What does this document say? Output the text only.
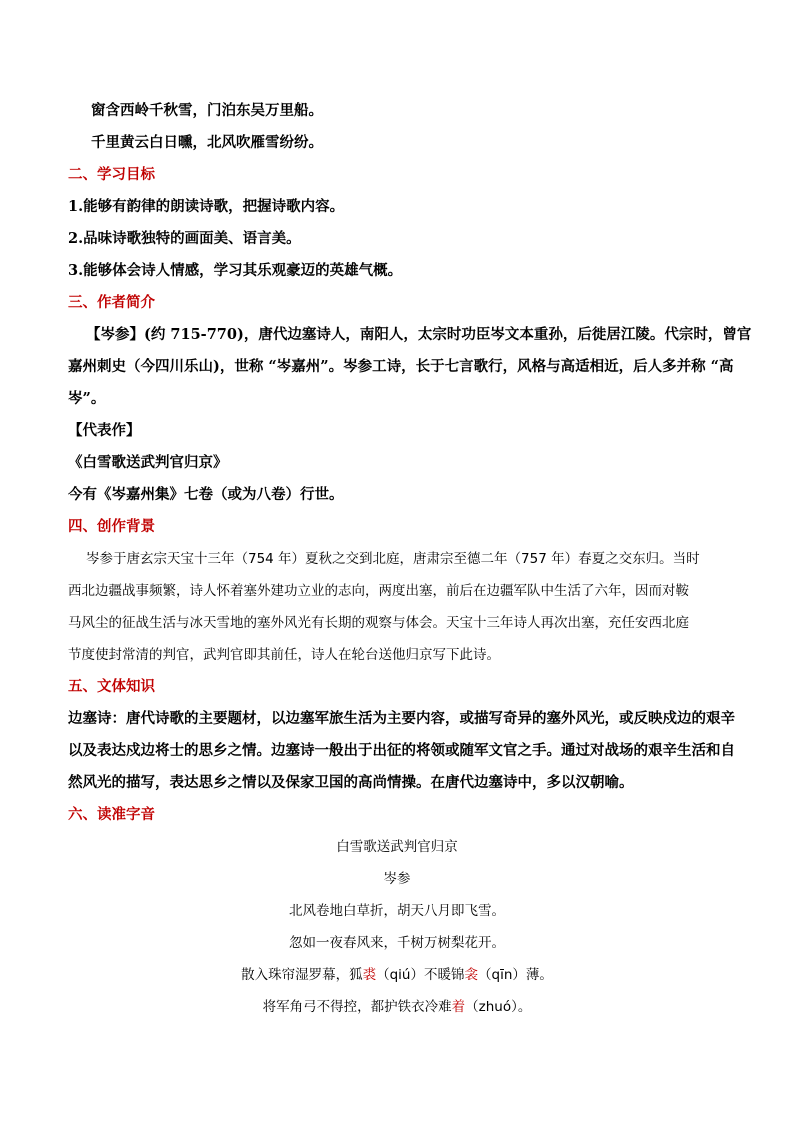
窗含西岭千秋雪，门泊东吴万里船。
千里黄云白日曛，北风吹雁雪纷纷。
二、学习目标
1.能够有韵律的朗读诗歌，把握诗歌内容。
2.品味诗歌独特的画面美、语言美。
3.能够体会诗人情感，学习其乐观豪迈的英雄气概。
三、作者简介
【岑参】(约 715-770)，唐代边塞诗人，南阳人，太宗时功臣岑文本重孙，后徙居江陵。代宗时，曾官
嘉州刺史（今四川乐山)，世称 “岑嘉州”。岑参工诗，长于七言歌行，风格与高适相近，后人多并称 “高
岑”。
【代表作】
《白雪歌送武判官归京》
今有《岑嘉州集》七卷（或为八卷）行世。
四、创作背景
岑参于唐玄宗天宝十三年（754 年）夏秋之交到北庭，唐肃宗至德二年（757 年）春夏之交东归。当时
西北边疆战事频繁，诗人怀着塞外建功立业的志向，两度出塞，前后在边疆军队中生活了六年，因而对鞍
马风尘的征战生活与冰天雪地的塞外风光有长期的观察与体会。天宝十三年诗人再次出塞，充任安西北庭
节度使封常清的判官，武判官即其前任，诗人在轮台送他归京写下此诗。
五、文体知识
边塞诗：唐代诗歌的主要题材，以边塞军旅生活为主要内容，或描写奇异的塞外风光，或反映戍边的艰辛
以及表达戍边将士的思乡之情。边塞诗一般出于出征的将领或随军文官之手。通过对战场的艰辛生活和自
然风光的描写，表达思乡之情以及保家卫国的高尚情操。在唐代边塞诗中，多以汉朝喻。
六、读准字音
白雪歌送武判官归京
岑参
北风卷地白草折，胡天八月即飞雪。
忽如一夜春风来，千树万树梨花开。
散入珠帘湿罗幕，狐裘（qiú）不暖锦衾（qīn）薄。
将军角弓不得控，都护铁衣冷难着（zhuó）。
